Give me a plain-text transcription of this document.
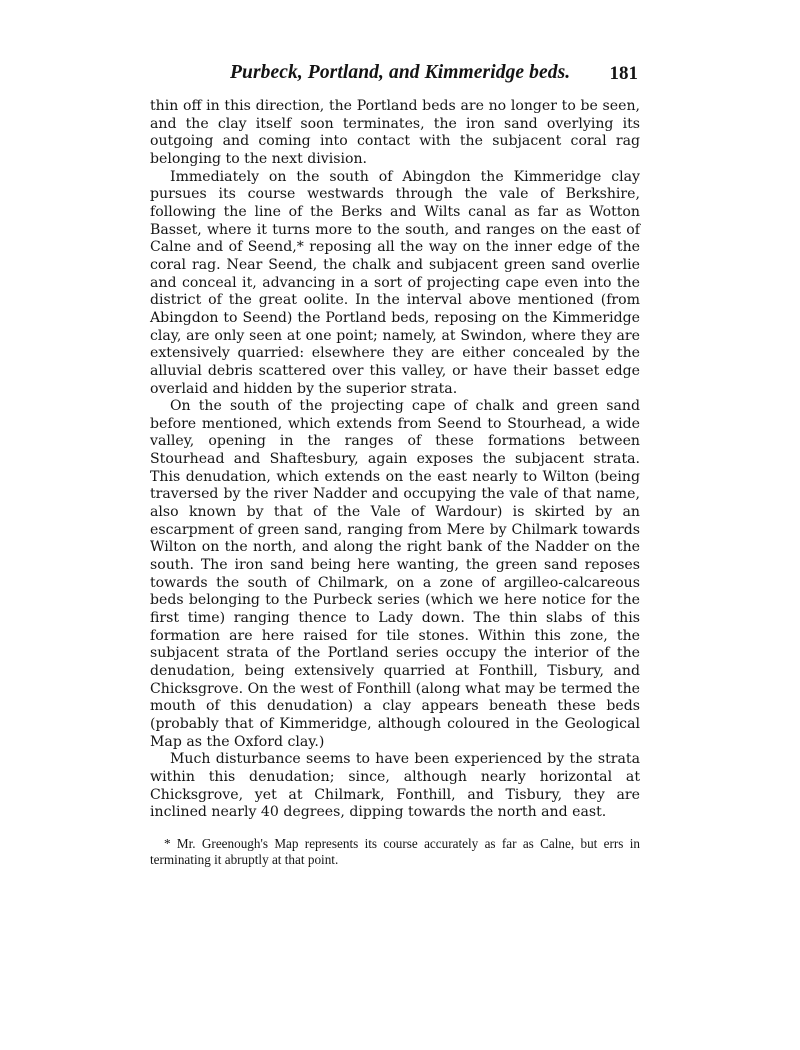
Purbeck, Portland, and Kimmeridge beds. 181

thin off in this direction, the Portland beds are no longer to be seen, and the clay itself soon terminates, the iron sand overlying its outgoing and coming into contact with the subjacent coral rag belonging to the next division.

Immediately on the south of Abingdon the Kimmeridge clay pursues its course westwards through the vale of Berkshire, following the line of the Berks and Wilts canal as far as Wotton Basset, where it turns more to the south, and ranges on the east of Calne and of Seend,* reposing all the way on the inner edge of the coral rag. Near Seend, the chalk and subjacent green sand overlie and conceal it, advancing in a sort of projecting cape even into the district of the great oolite. In the interval above mentioned (from Abingdon to Seend) the Portland beds, reposing on the Kimmeridge clay, are only seen at one point; namely, at Swindon, where they are extensively quarried: elsewhere they are either concealed by the alluvial debris scattered over this valley, or have their basset edge overlaid and hidden by the superior strata.

On the south of the projecting cape of chalk and green sand before mentioned, which extends from Seend to Stourhead, a wide valley, opening in the ranges of these formations between Stourhead and Shaftesbury, again exposes the subjacent strata. This denudation, which extends on the east nearly to Wilton (being traversed by the river Nadder and occupying the vale of that name, also known by that of the Vale of Wardour) is skirted by an escarpment of green sand, ranging from Mere by Chilmark towards Wilton on the north, and along the right bank of the Nadder on the south. The iron sand being here wanting, the green sand reposes towards the south of Chilmark, on a zone of argilleo-calcareous beds belonging to the Purbeck series (which we here notice for the first time) ranging thence to Lady down. The thin slabs of this formation are here raised for tile stones. Within this zone, the subjacent strata of the Portland series occupy the interior of the denudation, being extensively quarried at Fonthill, Tisbury, and Chicksgrove. On the west of Fonthill (along what may be termed the mouth of this denudation) a clay appears beneath these beds (probably that of Kimmeridge, although coloured in the Geological Map as the Oxford clay.)

Much disturbance seems to have been experienced by the strata within this denudation; since, although nearly horizontal at Chicksgrove, yet at Chilmark, Fonthill, and Tisbury, they are inclined nearly 40 degrees, dipping towards the north and east.

* Mr. Greenough's Map represents its course accurately as far as Calne, but errs in terminating it abruptly at that point.
